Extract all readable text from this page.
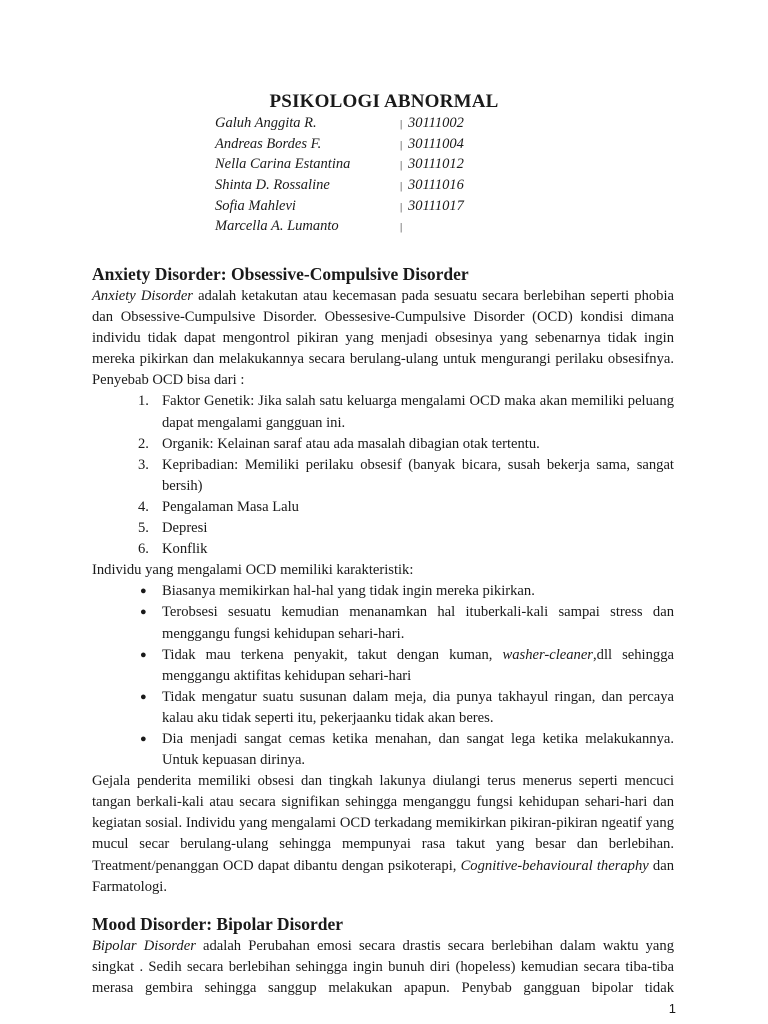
PSIKOLOGI ABNORMAL
Galuh Anggita R.	| 30111002
Andreas Bordes F.	| 30111004
Nella Carina Estantina	| 30111012
Shinta D. Rossaline	| 30111016
Sofia Mahlevi	| 30111017
Marcella A. Lumanto	|
Anxiety Disorder: Obsessive-Compulsive Disorder

Anxiety Disorder adalah ketakutan atau kecemasan pada sesuatu secara berlebihan seperti phobia dan Obsessive-Cumpulsive Disorder. Obessesive-Cumpulsive Disorder (OCD) kondisi dimana individu tidak dapat mengontrol pikiran yang menjadi obsesinya yang sebenarnya tidak ingin mereka pikirkan dan melakukannya secara berulang-ulang untuk mengurangi perilaku obsesifnya. Penyebab OCD bisa dari :

1. Faktor Genetik: Jika salah satu keluarga mengalami OCD maka akan memiliki peluang dapat mengalami gangguan ini.
2. Organik: Kelainan saraf atau ada masalah dibagian otak tertentu.
3. Kepribadian: Memiliki perilaku obsesif (banyak bicara, susah bekerja sama, sangat bersih)
4. Pengalaman Masa Lalu
5. Depresi
6. Konflik

Individu yang mengalami OCD memiliki karakteristik:

● Biasanya memikirkan hal-hal yang tidak ingin mereka pikirkan.
● Terobsesi sesuatu kemudian menanamkan hal ituberkali-kali sampai stress dan menggangu fungsi kehidupan sehari-hari.
● Tidak mau terkena penyakit, takut dengan kuman, washer-cleaner,dll sehingga menggangu aktifitas kehidupan sehari-hari
● Tidak mengatur suatu susunan dalam meja, dia punya takhayul ringan, dan percaya kalau aku tidak seperti itu, pekerjaanku tidak akan beres.
● Dia menjadi sangat cemas ketika menahan, dan sangat lega ketika melakukannya. Untuk kepuasan dirinya.

Gejala penderita memiliki obsesi dan tingkah lakunya diulangi terus menerus seperti mencuci tangan berkali-kali atau secara signifikan sehingga menganggu fungsi kehidupan sehari-hari dan kegiatan sosial. Individu yang mengalami OCD terkadang memikirkan pikiran-pikiran ngeatif yang mucul secar berulang-ulang sehingga mempunyai rasa takut yang besar dan berlebihan. Treatment/penanggan OCD dapat dibantu dengan psikoterapi, Cognitive-behavioural theraphy dan Farmatologi.

Mood Disorder: Bipolar Disorder

Bipolar Disorder adalah Perubahan emosi secara drastis secara berlebihan dalam waktu yang singkat . Sedih secara berlebihan sehingga ingin bunuh diri (hopeless) kemudian secara tiba-tiba merasa gembira sehingga sanggup melakukan apapun. Penybab gangguan bipolar tidak

1
